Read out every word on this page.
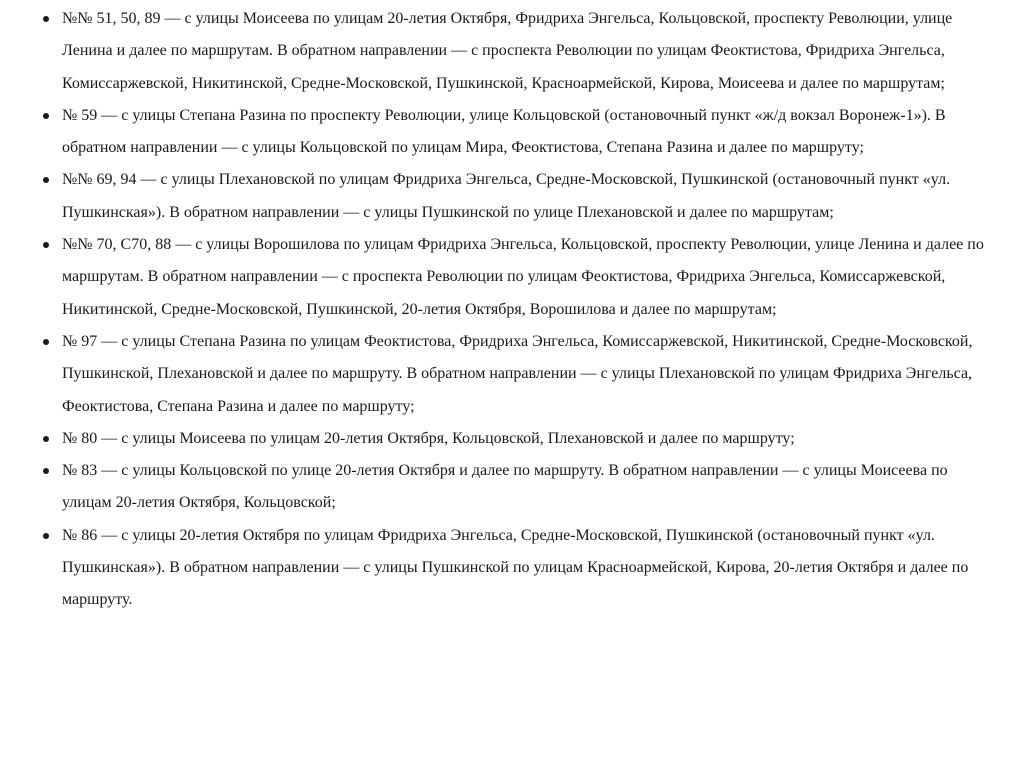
№№ 51, 50, 89 — с улицы Моисеева по улицам 20-летия Октября, Фридриха Энгельса, Кольцовской, проспекту Революции, улице Ленина и далее по маршрутам. В обратном направлении — с проспекта Революции по улицам Феоктистова, Фридриха Энгельса, Комиссаржевской, Никитинской, Средне-Московской, Пушкинской, Красноармейской, Кирова, Моисеева и далее по маршрутам;
№ 59 — с улицы Степана Разина по проспекту Революции, улице Кольцовской (остановочный пункт «ж/д вокзал Воронеж-1»). В обратном направлении — с улицы Кольцовской по улицам Мира, Феоктистова, Степана Разина и далее по маршруту;
№№ 69, 94 — с улицы Плехановской по улицам Фридриха Энгельса, Средне-Московской, Пушкинской (остановочный пункт «ул. Пушкинская»). В обратном направлении — с улицы Пушкинской по улице Плехановской и далее по маршрутам;
№№ 70, С70, 88 — с улицы Ворошилова по улицам Фридриха Энгельса, Кольцовской, проспекту Революции, улице Ленина и далее по маршрутам. В обратном направлении — с проспекта Революции по улицам Феоктистова, Фридриха Энгельса, Комиссаржевской, Никитинской, Средне-Московской, Пушкинской, 20-летия Октября, Ворошилова и далее по маршрутам;
№ 97 — с улицы Степана Разина по улицам Феоктистова, Фридриха Энгельса, Комиссаржевской, Никитинской, Средне-Московской, Пушкинской, Плехановской и далее по маршруту. В обратном направлении — с улицы Плехановской по улицам Фридриха Энгельса, Феоктистова, Степана Разина и далее по маршруту;
№ 80 — с улицы Моисеева по улицам 20-летия Октября, Кольцовской, Плехановской и далее по маршруту;
№ 83 — с улицы Кольцовской по улице 20-летия Октября и далее по маршруту. В обратном направлении — с улицы Моисеева по улицам 20-летия Октября, Кольцовской;
№ 86 — с улицы 20-летия Октября по улицам Фридриха Энгельса, Средне-Московской, Пушкинской (остановочный пункт «ул. Пушкинская»). В обратном направлении — с улицы Пушкинской по улицам Красноармейской, Кирова, 20-летия Октября и далее по маршруту.
